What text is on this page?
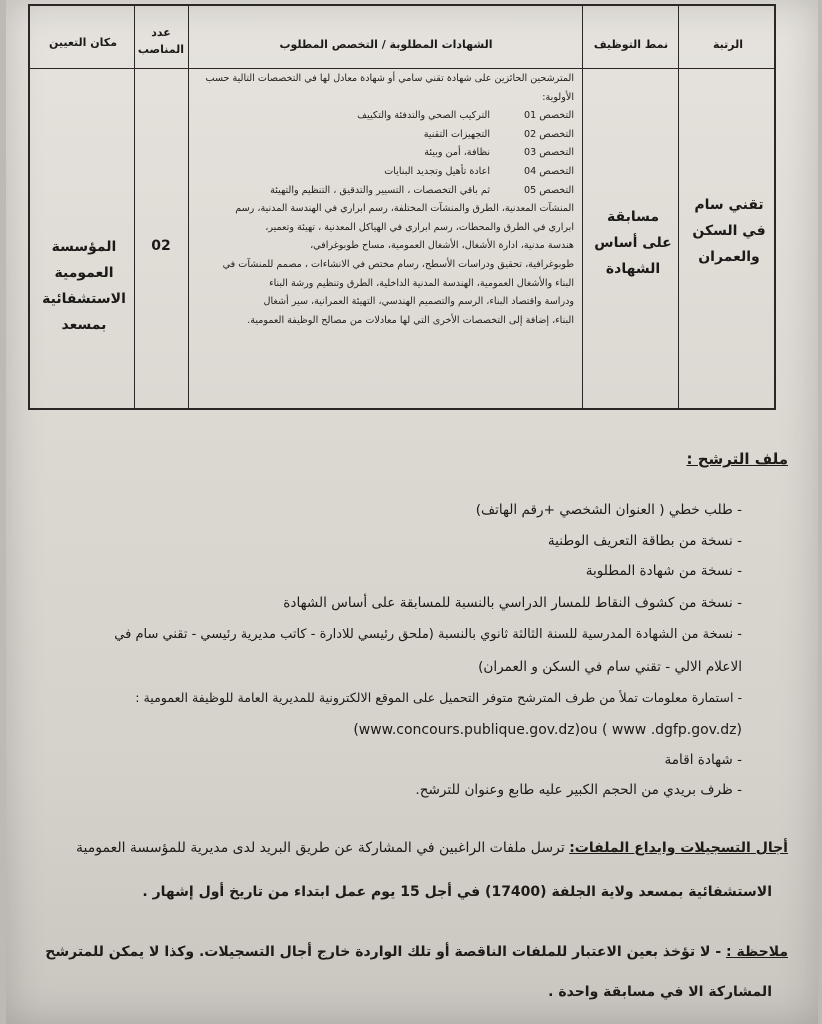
الرتبة
نمط التوظيف
الشهادات المطلوبة / التخصص المطلوب
عدد المناصب
مكان التعيين
تقني سام في السكن والعمران
مسابقة على أساس الشهادة
02
المؤسسة العمومية الاستشفائية بمسعد

المترشحين الحائزين على شهادة تقني سامي أو شهادة معادل لها في التخصصات التالية حسب الأولوية:

التخصص 01
التركيب الصحي والتدفئة والتكييف
التخصص 02
التجهيزات التقنية
التخصص 03
نظافة، أمن وبيئة
التخصص 04
اعادة تأهيل وتجديد البنايات
التخصص 05
ثم باقي التخصصات ، التسيير والتدقيق ، التنظيم والتهيئة

المنشآت المعدنية، الطرق والمنشآت المختلفة، رسم ابراري في الهندسة المدنية، رسم

ابراري في الطرق والمحطات، رسم ابراري في الهياكل المعدنية ، تهيئة وتعمير،

هندسة مدنية، ادارة الأشغال، الأشغال العمومية، مساح طوبوغرافي،

طوبوغرافية، تحقيق ودراسات الأسطح، رسام مختص في الانشاءات ، مصمم للمنشآت في

البناء والأشغال العمومية، الهندسة المدنية الداخلية، الطرق وتنظيم ورشة البناء

ودراسة واقتصاد البناء، الرسم والتصميم الهندسي، التهيئة العمرانية، سير أشغال

البناء، إضافة إلى التخصصات الأخرى التي لها معادلات من مصالح الوظيفة العمومية.

ملف الترشح :
- طلب خطي ( العنوان الشخصي +رقم الهاتف)
- نسخة من بطاقة التعريف الوطنية
- نسخة من شهادة المطلوبة
- نسخة من كشوف النقاط للمسار الدراسي بالنسبة للمسابقة على أساس الشهادة
- نسخة من الشهادة المدرسية للسنة الثالثة ثانوي بالنسبة (ملحق رئيسي للادارة - كاتب مديرية رئيسي - تقني سام في
الاعلام الالي - تقني سام في السكن و العمران)
- استمارة معلومات تملأ من طرف المترشح متوفر التحميل على الموقع الالكترونية للمديرية العامة للوظيفة العمومية :
(www.concours.publique.gov.dz)ou ( www .dgfp.gov.dz)
- شهادة اقامة
- ظرف بريدي من الحجم الكبير عليه طابع وعنوان للترشح.
أجال التسجيلات وايداع الملفات: ترسل ملفات الراغبين في المشاركة عن طريق البريد لدى مديرية للمؤسسة العمومية
الاستشفائية بمسعد ولاية الجلفة (17400) في أجل 15 يوم عمل ابتداء من تاريخ أول إشهار .
ملاحظة : - لا تؤخذ بعين الاعتبار للملفات الناقصة أو تلك الواردة خارج أجال التسجيلات. وكذا لا يمكن للمترشح
المشاركة الا في مسابقة واحدة .
